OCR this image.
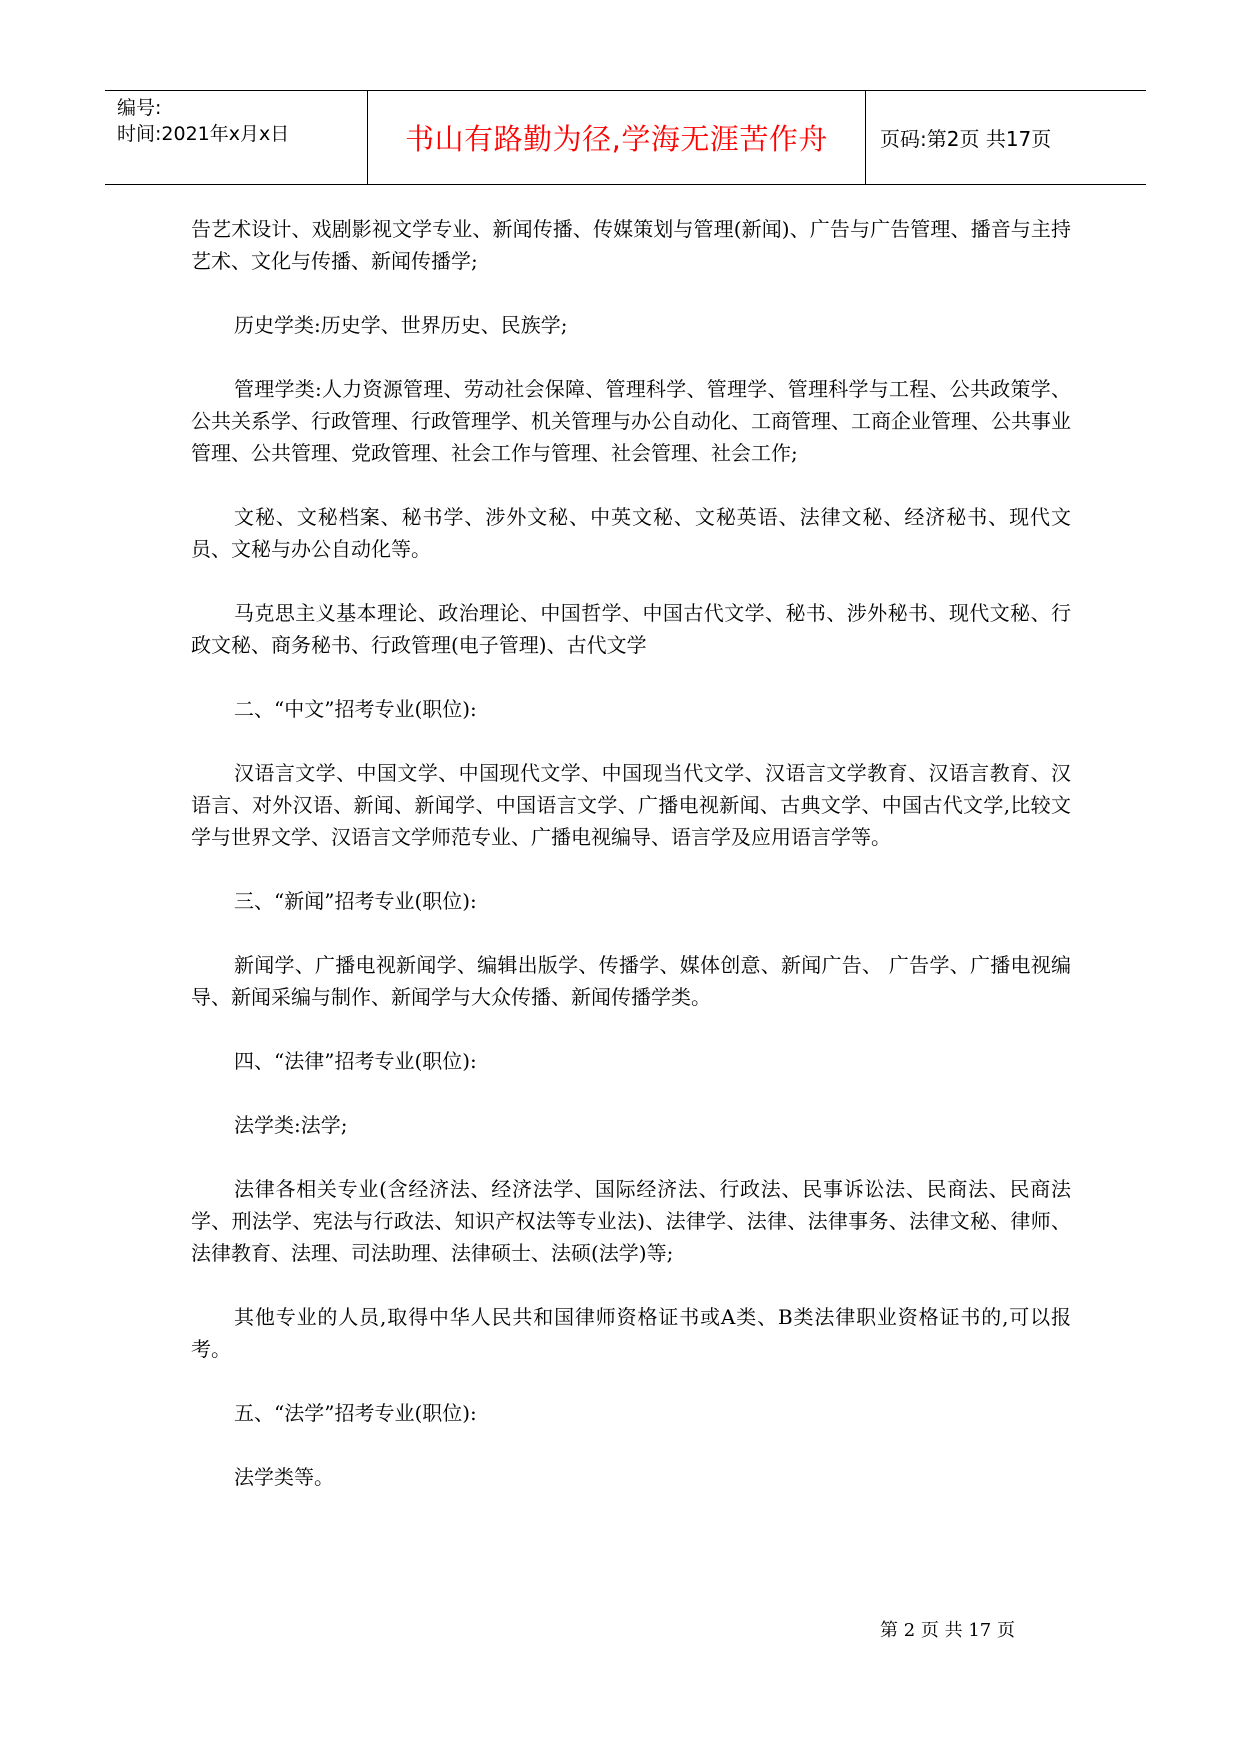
编号:
时间:2021年x月x日	书山有路勤为径,学海无涯苦作舟	页码:第2页 共17页

告艺术设计、戏剧影视文学专业、新闻传播、传媒策划与管理(新闻)、广告与广告管理、播音与主持艺术、文化与传播、新闻传播学;

历史学类:历史学、世界历史、民族学;

管理学类:人力资源管理、劳动社会保障、管理科学、管理学、管理科学与工程、公共政策学、公共关系学、行政管理、行政管理学、机关管理与办公自动化、工商管理、工商企业管理、公共事业管理、公共管理、党政管理、社会工作与管理、社会管理、社会工作;

文秘、文秘档案、秘书学、涉外文秘、中英文秘、文秘英语、法律文秘、经济秘书、现代文员、文秘与办公自动化等。

马克思主义基本理论、政治理论、中国哲学、中国古代文学、秘书、涉外秘书、现代文秘、行政文秘、商务秘书、行政管理(电子管理)、古代文学

二、“中文”招考专业(职位):

汉语言文学、中国文学、中国现代文学、中国现当代文学、汉语言文学教育、汉语言教育、汉语言、对外汉语、新闻、新闻学、中国语言文学、广播电视新闻、古典文学、中国古代文学,比较文学与世界文学、汉语言文学师范专业、广播电视编导、语言学及应用语言学等。

三、“新闻”招考专业(职位):

新闻学、广播电视新闻学、编辑出版学、传播学、媒体创意、新闻广告、 广告学、广播电视编导、新闻采编与制作、新闻学与大众传播、新闻传播学类。

四、“法律”招考专业(职位):

法学类:法学;

法律各相关专业(含经济法、经济法学、国际经济法、行政法、民事诉讼法、民商法、民商法学、刑法学、宪法与行政法、知识产权法等专业法)、法律学、法律、法律事务、法律文秘、律师、法律教育、法理、司法助理、法律硕士、法硕(法学)等;

其他专业的人员,取得中华人民共和国律师资格证书或A类、B类法律职业资格证书的,可以报考。

五、“法学”招考专业(职位):

法学类等。

第 2 页 共 17 页
